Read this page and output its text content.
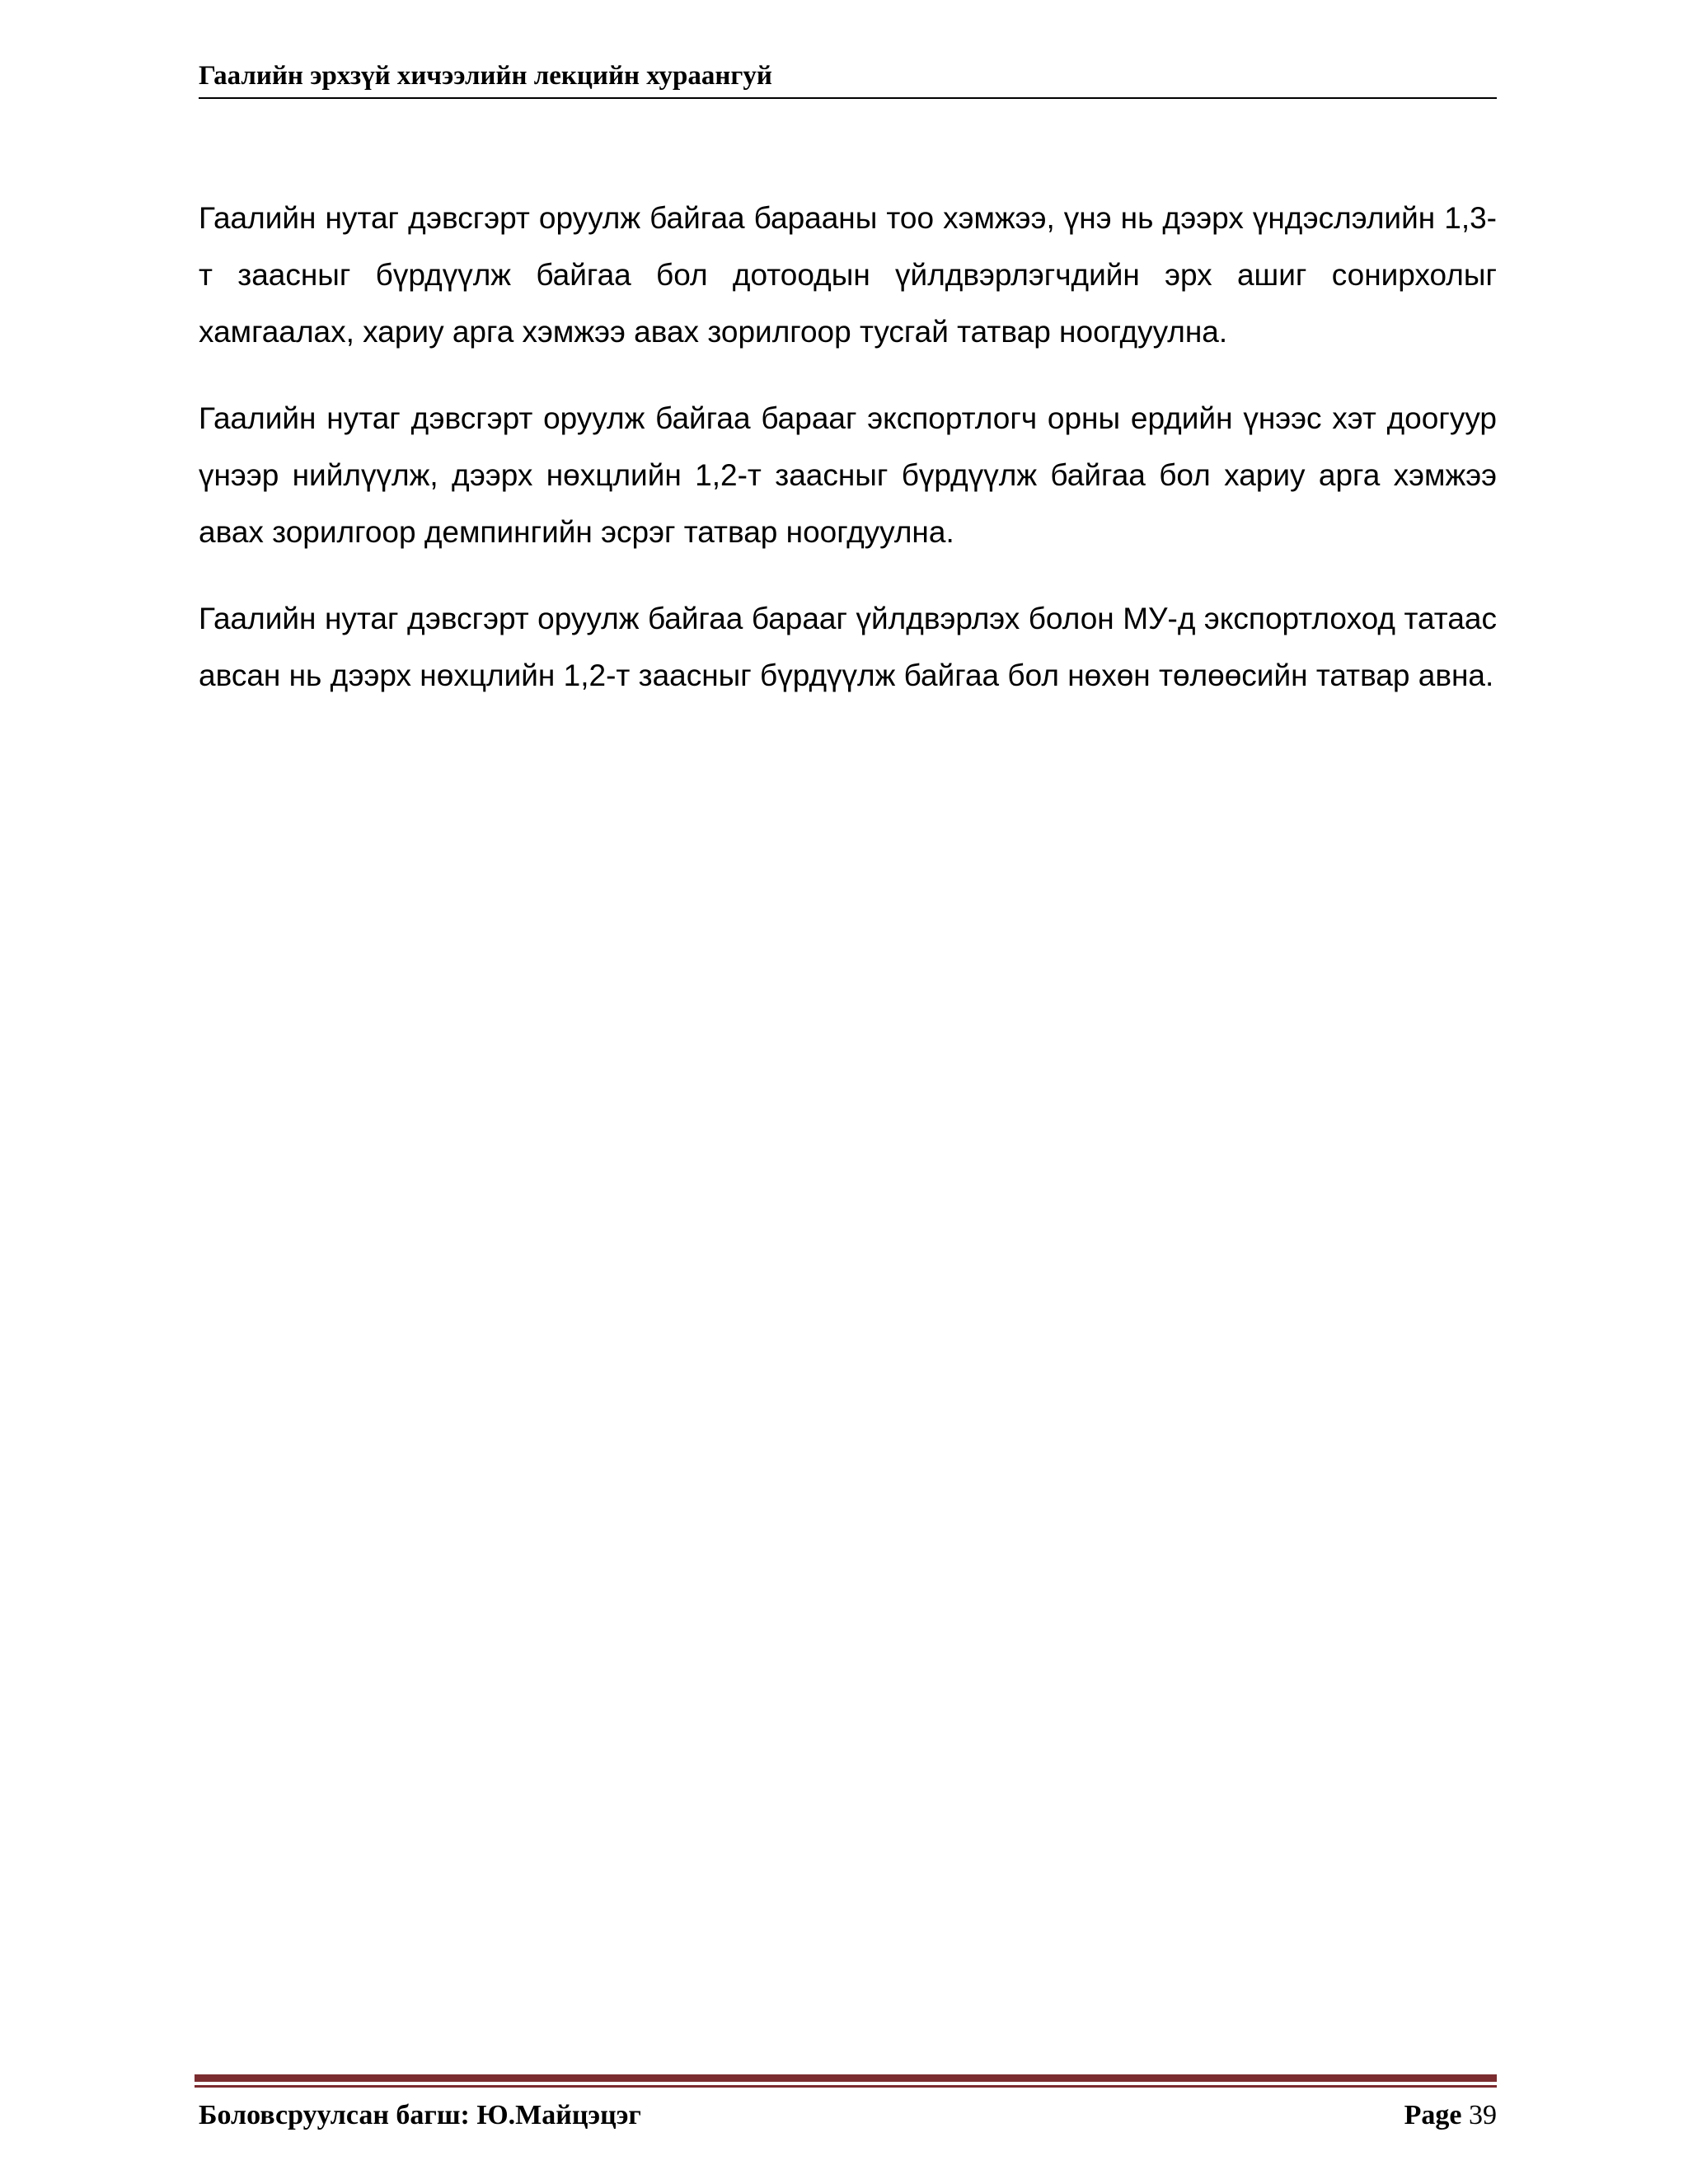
Гаалийн эрхзүй хичээлийн лекцийн хураангуй

Гаалийн нутаг дэвсгэрт оруулж байгаа барааны тоо хэмжээ, үнэ нь дээрх үндэслэлийн 1,3-т заасныг бүрдүүлж байгаа бол дотоодын үйлдвэрлэгчдийн эрх ашиг сонирхолыг хамгаалах, хариу арга хэмжээ авах зорилгоор тусгай татвар ноогдуулна.

Гаалийн нутаг дэвсгэрт оруулж байгаа барааг экспортлогч орны ердийн үнээс хэт доогуур үнээр нийлүүлж, дээрх нөхцлийн 1,2-т заасныг бүрдүүлж байгаа бол хариу арга хэмжээ авах зорилгоор демпингийн эсрэг татвар ноогдуулна.

Гаалийн нутаг дэвсгэрт оруулж байгаа барааг үйлдвэрлэх болон МУ-д экспортлоход татаас авсан нь дээрх нөхцлийн 1,2-т заасныг бүрдүүлж байгаа бол нөхөн төлөөсийн татвар авна.

Боловсруулсан багш: Ю.Майцэцэг	Page 39
